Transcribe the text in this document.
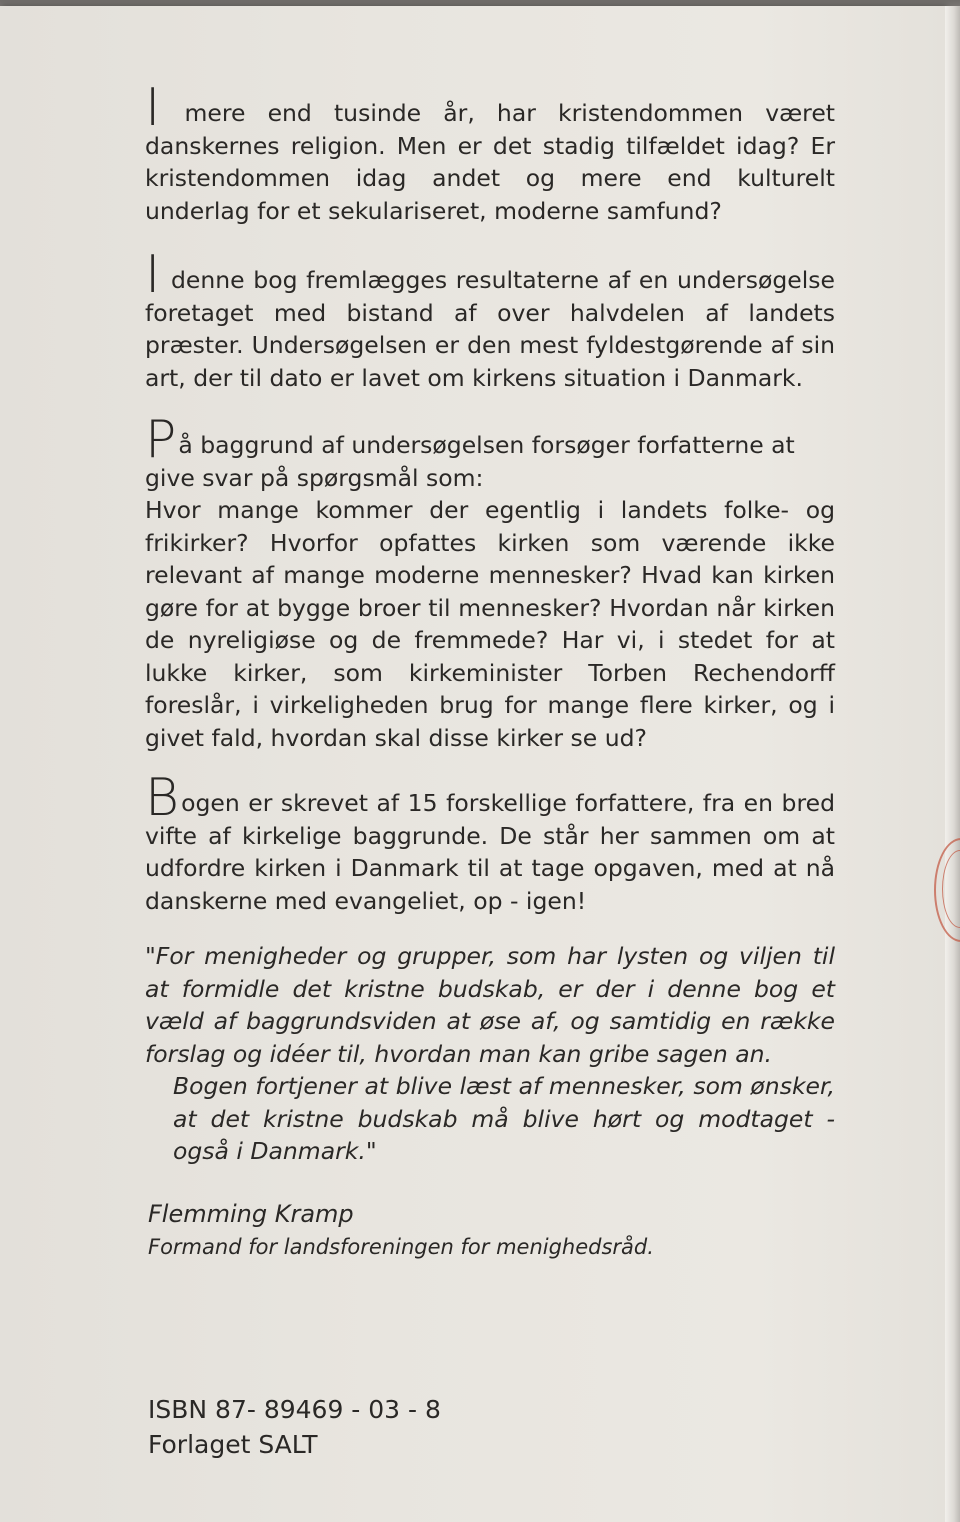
I mere end tusinde år, har kristendommen været danskernes religion. Men er det stadig tilfældet idag? Er kristendommen idag andet og mere end kulturelt underlag for et sekulariseret, moderne samfund?

I denne bog fremlægges resultaterne af en undersøgelse foretaget med bistand af over halvdelen af landets præster. Undersøgelsen er den mest fyldestgørende af sin art, der til dato er lavet om kirkens situation i Danmark.

På baggrund af undersøgelsen forsøger forfatterne at give svar på spørgsmål som:

Hvor mange kommer der egentlig i landets folke- og frikirker? Hvorfor opfattes kirken som værende ikke relevant af mange moderne mennesker? Hvad kan kirken gøre for at bygge broer til mennesker? Hvordan når kirken de nyreligiøse og de fremmede? Har vi, i stedet for at lukke kirker, som kirkeminister Torben Rechendorff foreslår, i virkeligheden brug for mange flere kirker, og i givet fald, hvordan skal disse kirker se ud?

Bogen er skrevet af 15 forskellige forfattere, fra en bred vifte af kirkelige baggrunde. De står her sammen om at udfordre kirken i Danmark til at tage opgaven, med at nå danskerne med evangeliet, op - igen!

"For menigheder og grupper, som har lysten og viljen til at formidle det kristne budskab, er der i denne bog et væld af baggrundsviden at øse af, og samtidig en række forslag og idéer til, hvordan man kan gribe sagen an.

Bogen fortjener at blive læst af mennesker, som ønsker, at det kristne budskab må blive hørt og modtaget - også i Danmark."

Flemming Kramp
Formand for landsforeningen for menighedsråd.
ISBN 87- 89469 - 03 - 8
Forlaget SALT
